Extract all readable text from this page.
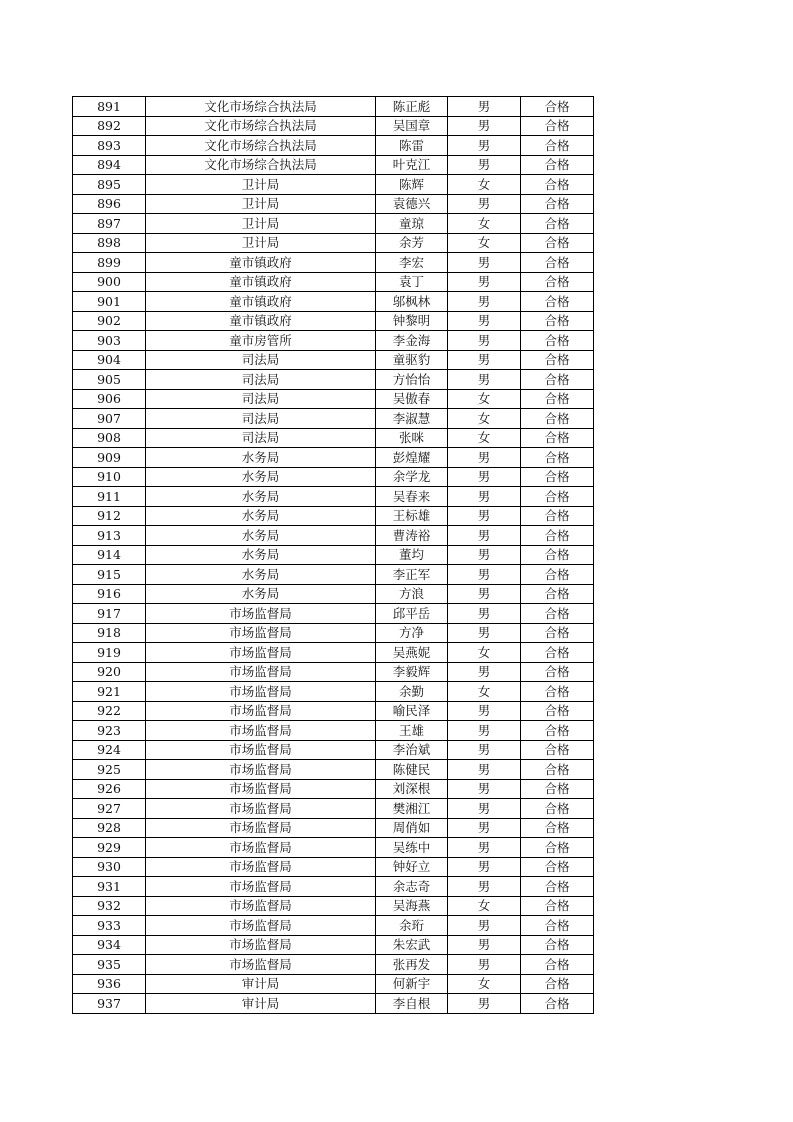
891	文化市场综合执法局	陈正彪	男	合格
892	文化市场综合执法局	吴国章	男	合格
893	文化市场综合执法局	陈雷	男	合格
894	文化市场综合执法局	叶克江	男	合格
895	卫计局	陈辉	女	合格
896	卫计局	袁德兴	男	合格
897	卫计局	童琼	女	合格
898	卫计局	余芳	女	合格
899	童市镇政府	李宏	男	合格
900	童市镇政府	袁丁	男	合格
901	童市镇政府	邬枫林	男	合格
902	童市镇政府	钟黎明	男	合格
903	童市房管所	李金海	男	合格
904	司法局	童驱豹	男	合格
905	司法局	方怡怡	男	合格
906	司法局	吴傲春	女	合格
907	司法局	李淑慧	女	合格
908	司法局	张咪	女	合格
909	水务局	彭煌耀	男	合格
910	水务局	余学龙	男	合格
911	水务局	吴春来	男	合格
912	水务局	王标雄	男	合格
913	水务局	曹涛裕	男	合格
914	水务局	董均	男	合格
915	水务局	李正军	男	合格
916	水务局	方浪	男	合格
917	市场监督局	邱平岳	男	合格
918	市场监督局	方净	男	合格
919	市场监督局	吴燕妮	女	合格
920	市场监督局	李毅辉	男	合格
921	市场监督局	余勤	女	合格
922	市场监督局	喻民泽	男	合格
923	市场监督局	王雄	男	合格
924	市场监督局	李治斌	男	合格
925	市场监督局	陈健民	男	合格
926	市场监督局	刘深根	男	合格
927	市场监督局	樊湘江	男	合格
928	市场监督局	周俏如	男	合格
929	市场监督局	吴练中	男	合格
930	市场监督局	钟好立	男	合格
931	市场监督局	余志奇	男	合格
932	市场监督局	吴海燕	女	合格
933	市场监督局	余珩	男	合格
934	市场监督局	朱宏武	男	合格
935	市场监督局	张再发	男	合格
936	审计局	何新宇	女	合格
937	审计局	李自根	男	合格
